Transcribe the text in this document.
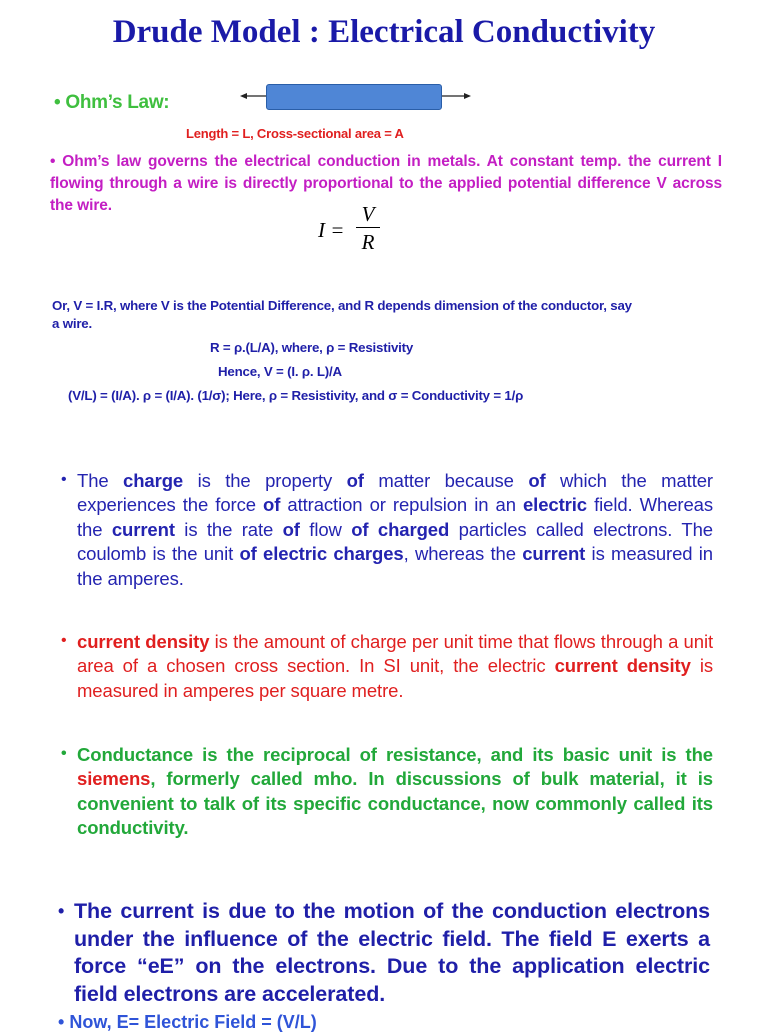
Drude Model : Electrical Conductivity
• Ohm’s Law:
Length = L, Cross-sectional area = A
• Ohm’s law governs the electrical conduction in metals. At constant temp. the current I flowing through a wire is directly proportional to the applied potential difference V across the wire.
I =
V
R
Or, V = I.R, where V is the Potential Difference, and R depends dimension of the conductor, say
a wire.
R = ρ.(L/A), where, ρ = Resistivity
Hence, V = (I. ρ. L)/A
(V/L) = (I/A). ρ = (I/A). (1/σ); Here, ρ = Resistivity, and σ = Conductivity = 1/ρ
• The charge is the property of matter because of which the matter experiences the force of attraction or repulsion in an electric field. Whereas the current is the rate of flow of charged particles called electrons. The coulomb is the unit of electric charges, whereas the current is measured in the amperes.
• current density is the amount of charge per unit time that flows through a unit area of a chosen cross section. In SI unit, the electric current density is measured in amperes per square metre.
• Conductance is the reciprocal of resistance, and its basic unit is the siemens, formerly called mho. In discussions of bulk material, it is convenient to talk of its specific conductance, now commonly called its conductivity.
• The current is due to the motion of the conduction electrons under the influence of the electric field. The field E exerts a force “eE” on the electrons. Due to the application electric field electrons are accelerated.
• Now, E= Electric Field = (V/L)
